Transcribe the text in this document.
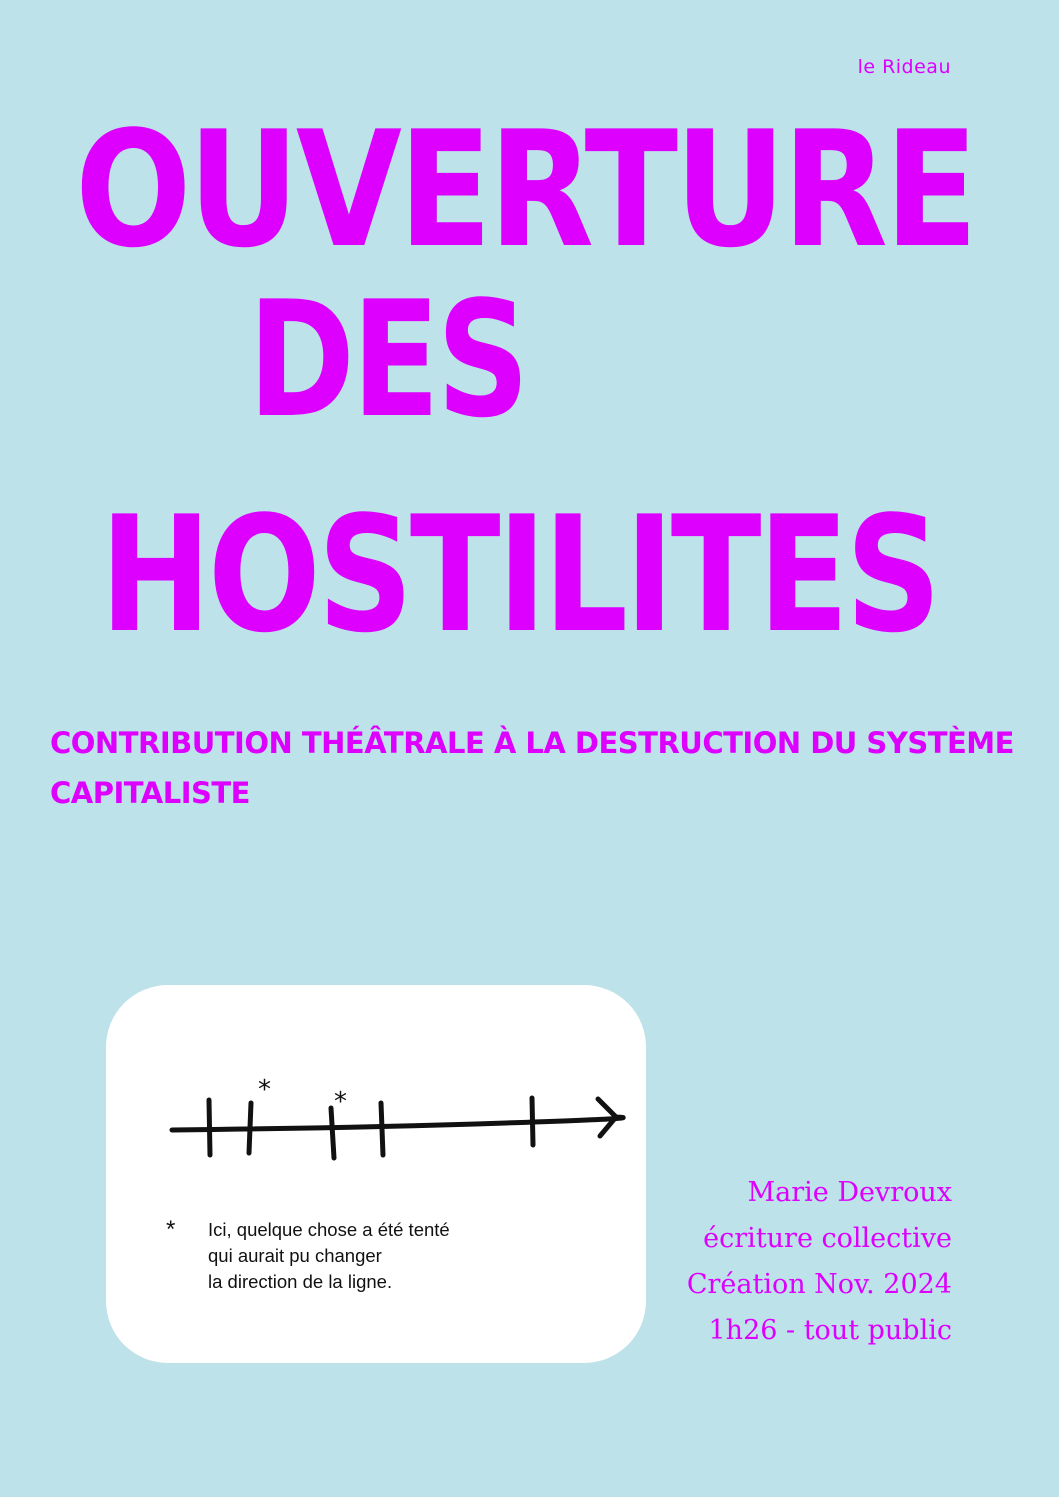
le Rideau
OUVERTURE
DES
HOSTILITES
CONTRIBUTION THÉÂTRALE À LA DESTRUCTION DU SYSTÈME CAPITALISTE
* *
*	Ici, quelque chose a été tenté
qui aurait pu changer
la direction de la ligne.
Marie Devroux
écriture collective
Création Nov. 2024
1h26 - tout public
